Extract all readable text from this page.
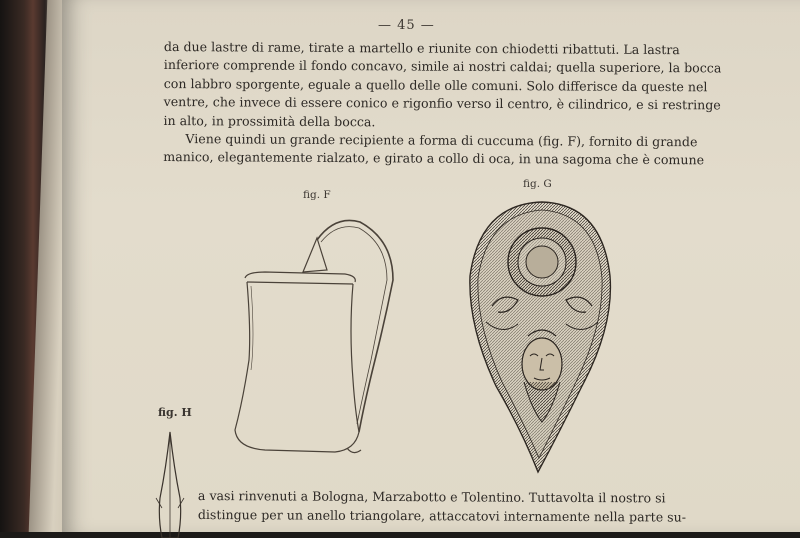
— 45 —
da due lastre di rame, tirate a martello e riunite con chiodetti ribattuti. La lastra
inferiore comprende il fondo concavo, simile ai nostri caldai; quella superiore, la bocca
con labbro sporgente, eguale a quello delle olle comuni. Solo differisce da queste nel
ventre, che invece di essere conico e rigonfio verso il centro, è cilindrico, e si restringe
in alto, in prossimità della bocca.
Viene quindi un grande recipiente a forma di cuccuma (fig. F), fornito di grande
manico, elegantemente rialzato, e girato a collo di oca, in una sagoma che è comune
fig. F
fig. G
fig. H
a vasi rinvenuti a Bologna, Marzabotto e Tolentino. Tuttavolta il nostro si
distingue per un anello triangolare, attaccatovi internamente nella parte su-
